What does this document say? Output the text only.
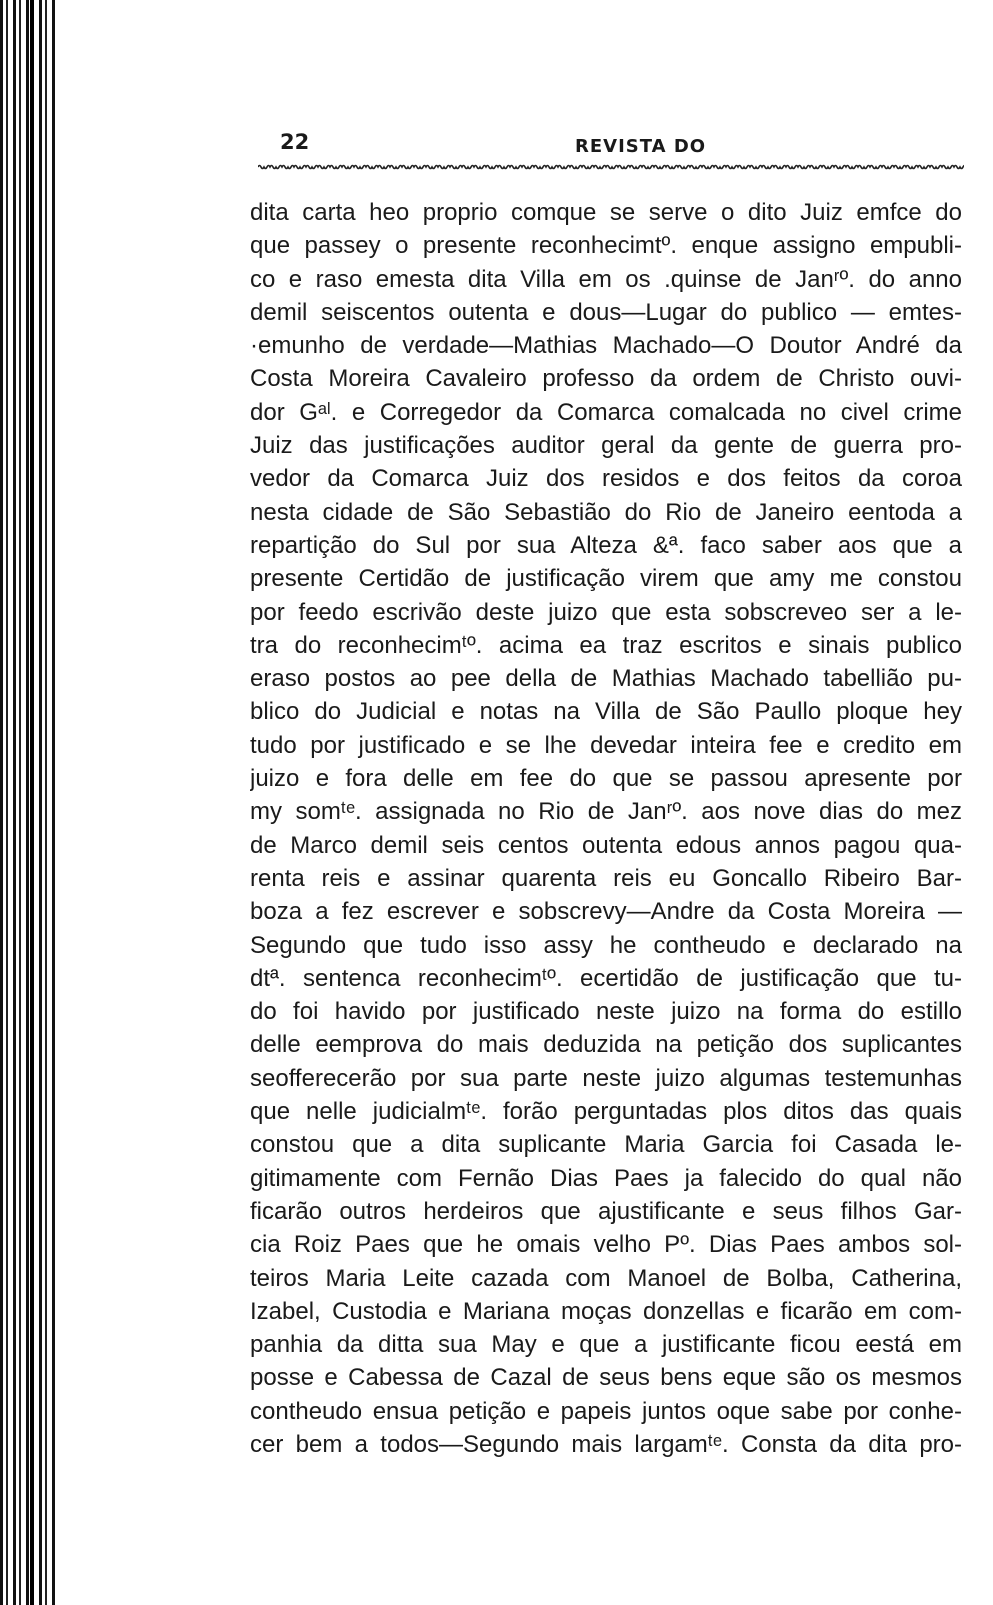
22	REVISTA DO
dita carta heo proprio comque se serve o dito Juiz emfce do
que passey o presente reconhecimtº. enque assigno empubli-
co e raso emesta dita Villa em os .quinse de Janʳº. do anno
demil seiscentos outenta e dous—Lugar do publico — emtes-
·emunho de verdade—Mathias Machado—O Doutor André da
Costa Moreira Cavaleiro professo da ordem de Christo ouvi-
dor Gᵃˡ. e Corregedor da Comarca comalcada no civel crime
Juiz das justificações auditor geral da gente de guerra pro-
vedor da Comarca Juiz dos residos e dos feitos da coroa
nesta cidade de São Sebastião do Rio de Janeiro eentoda a
repartição do Sul por sua Alteza &ª. faco saber aos que a
presente Certidão de justificação virem que amy me constou
por feedo escrivão deste juizo que esta sobscreveo ser a le-
tra do reconhecimᵗº. acima ea traz escritos e sinais publico
eraso postos ao pee della de Mathias Machado tabellião pu-
blico do Judicial e notas na Villa de São Paullo ploque hey
tudo por justificado e se lhe devedar inteira fee e credito em
juizo e fora delle em fee do que se passou apresente por
my somᵗᵉ. assignada no Rio de Janʳº. aos nove dias do mez
de Marco demil seis centos outenta edous annos pagou qua-
renta reis e assinar quarenta reis eu Goncallo Ribeiro Bar-
boza a fez escrever e sobscrevy—Andre da Costa Moreira —
Segundo que tudo isso assy he contheudo e declarado na
dtª. sentenca reconhecimᵗº. ecertidão de justificação que tu-
do foi havido por justificado neste juizo na forma do estillo
delle eemprova do mais deduzida na petição dos suplicantes
seofferecerão por sua parte neste juizo algumas testemunhas
que nelle judicialmᵗᵉ. forão perguntadas plos ditos das quais
constou que a dita suplicante Maria Garcia foi Casada le-
gitimamente com Fernão Dias Paes ja falecido do qual não
ficarão outros herdeiros que ajustificante e seus filhos Gar-
cia Roiz Paes que he omais velho Pº. Dias Paes ambos sol-
teiros Maria Leite cazada com Manoel de Bolba, Catherina,
Izabel, Custodia e Mariana moças donzellas e ficarão em com-
panhia da ditta sua May e que a justificante ficou eestá em
posse e Cabessa de Cazal de seus bens eque são os mesmos
contheudo ensua petição e papeis juntos oque sabe por conhe-
cer bem a todos—Segundo mais largamᵗᵉ. Consta da dita pro-
